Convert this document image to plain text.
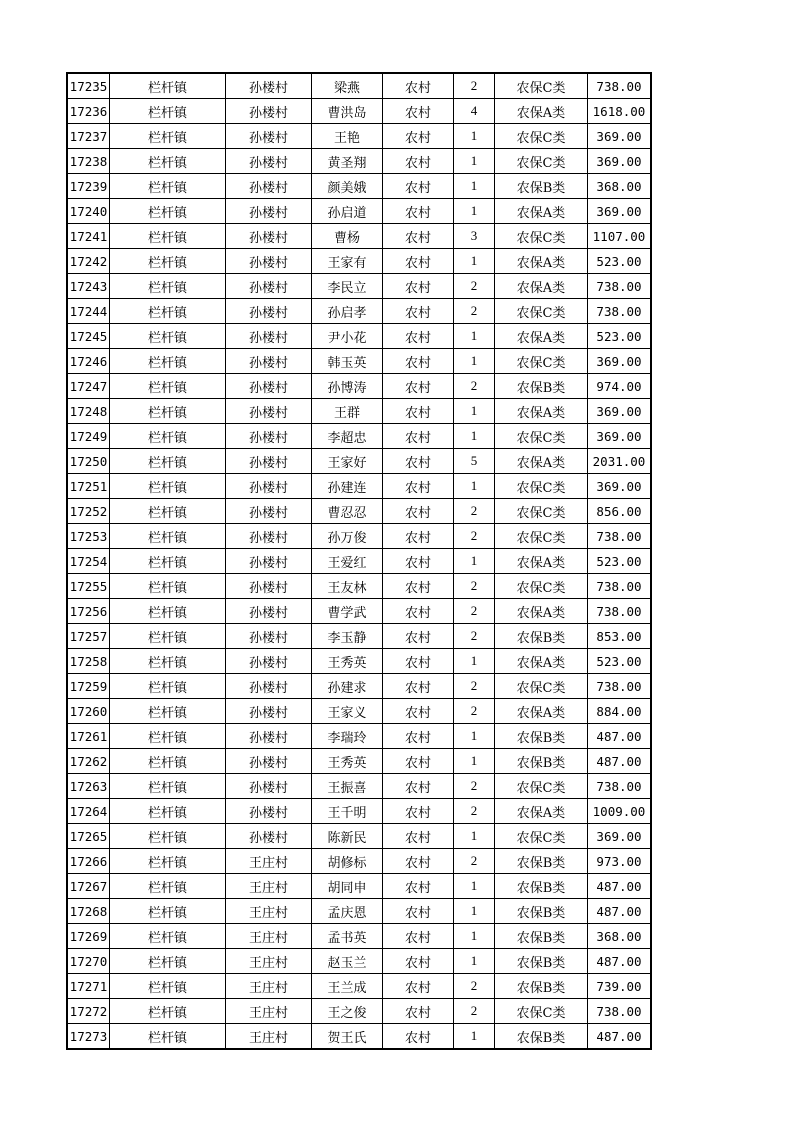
17235	栏杆镇	孙楼村	梁燕	农村	2	农保C类	738.00
17236	栏杆镇	孙楼村	曹洪岛	农村	4	农保A类	1618.00
17237	栏杆镇	孙楼村	王艳	农村	1	农保C类	369.00
17238	栏杆镇	孙楼村	黄圣翔	农村	1	农保C类	369.00
17239	栏杆镇	孙楼村	颜美娥	农村	1	农保B类	368.00
17240	栏杆镇	孙楼村	孙启道	农村	1	农保A类	369.00
17241	栏杆镇	孙楼村	曹杨	农村	3	农保C类	1107.00
17242	栏杆镇	孙楼村	王家有	农村	1	农保A类	523.00
17243	栏杆镇	孙楼村	李民立	农村	2	农保A类	738.00
17244	栏杆镇	孙楼村	孙启孝	农村	2	农保C类	738.00
17245	栏杆镇	孙楼村	尹小花	农村	1	农保A类	523.00
17246	栏杆镇	孙楼村	韩玉英	农村	1	农保C类	369.00
17247	栏杆镇	孙楼村	孙博涛	农村	2	农保B类	974.00
17248	栏杆镇	孙楼村	王群	农村	1	农保A类	369.00
17249	栏杆镇	孙楼村	李超忠	农村	1	农保C类	369.00
17250	栏杆镇	孙楼村	王家好	农村	5	农保A类	2031.00
17251	栏杆镇	孙楼村	孙建连	农村	1	农保C类	369.00
17252	栏杆镇	孙楼村	曹忍忍	农村	2	农保C类	856.00
17253	栏杆镇	孙楼村	孙万俊	农村	2	农保C类	738.00
17254	栏杆镇	孙楼村	王爱红	农村	1	农保A类	523.00
17255	栏杆镇	孙楼村	王友林	农村	2	农保C类	738.00
17256	栏杆镇	孙楼村	曹学武	农村	2	农保A类	738.00
17257	栏杆镇	孙楼村	李玉静	农村	2	农保B类	853.00
17258	栏杆镇	孙楼村	王秀英	农村	1	农保A类	523.00
17259	栏杆镇	孙楼村	孙建求	农村	2	农保C类	738.00
17260	栏杆镇	孙楼村	王家义	农村	2	农保A类	884.00
17261	栏杆镇	孙楼村	李瑞玲	农村	1	农保B类	487.00
17262	栏杆镇	孙楼村	王秀英	农村	1	农保B类	487.00
17263	栏杆镇	孙楼村	王振喜	农村	2	农保C类	738.00
17264	栏杆镇	孙楼村	王千明	农村	2	农保A类	1009.00
17265	栏杆镇	孙楼村	陈新民	农村	1	农保C类	369.00
17266	栏杆镇	王庄村	胡修标	农村	2	农保B类	973.00
17267	栏杆镇	王庄村	胡同申	农村	1	农保B类	487.00
17268	栏杆镇	王庄村	孟庆恩	农村	1	农保B类	487.00
17269	栏杆镇	王庄村	孟书英	农村	1	农保B类	368.00
17270	栏杆镇	王庄村	赵玉兰	农村	1	农保B类	487.00
17271	栏杆镇	王庄村	王兰成	农村	2	农保B类	739.00
17272	栏杆镇	王庄村	王之俊	农村	2	农保C类	738.00
17273	栏杆镇	王庄村	贺王氏	农村	1	农保B类	487.00
